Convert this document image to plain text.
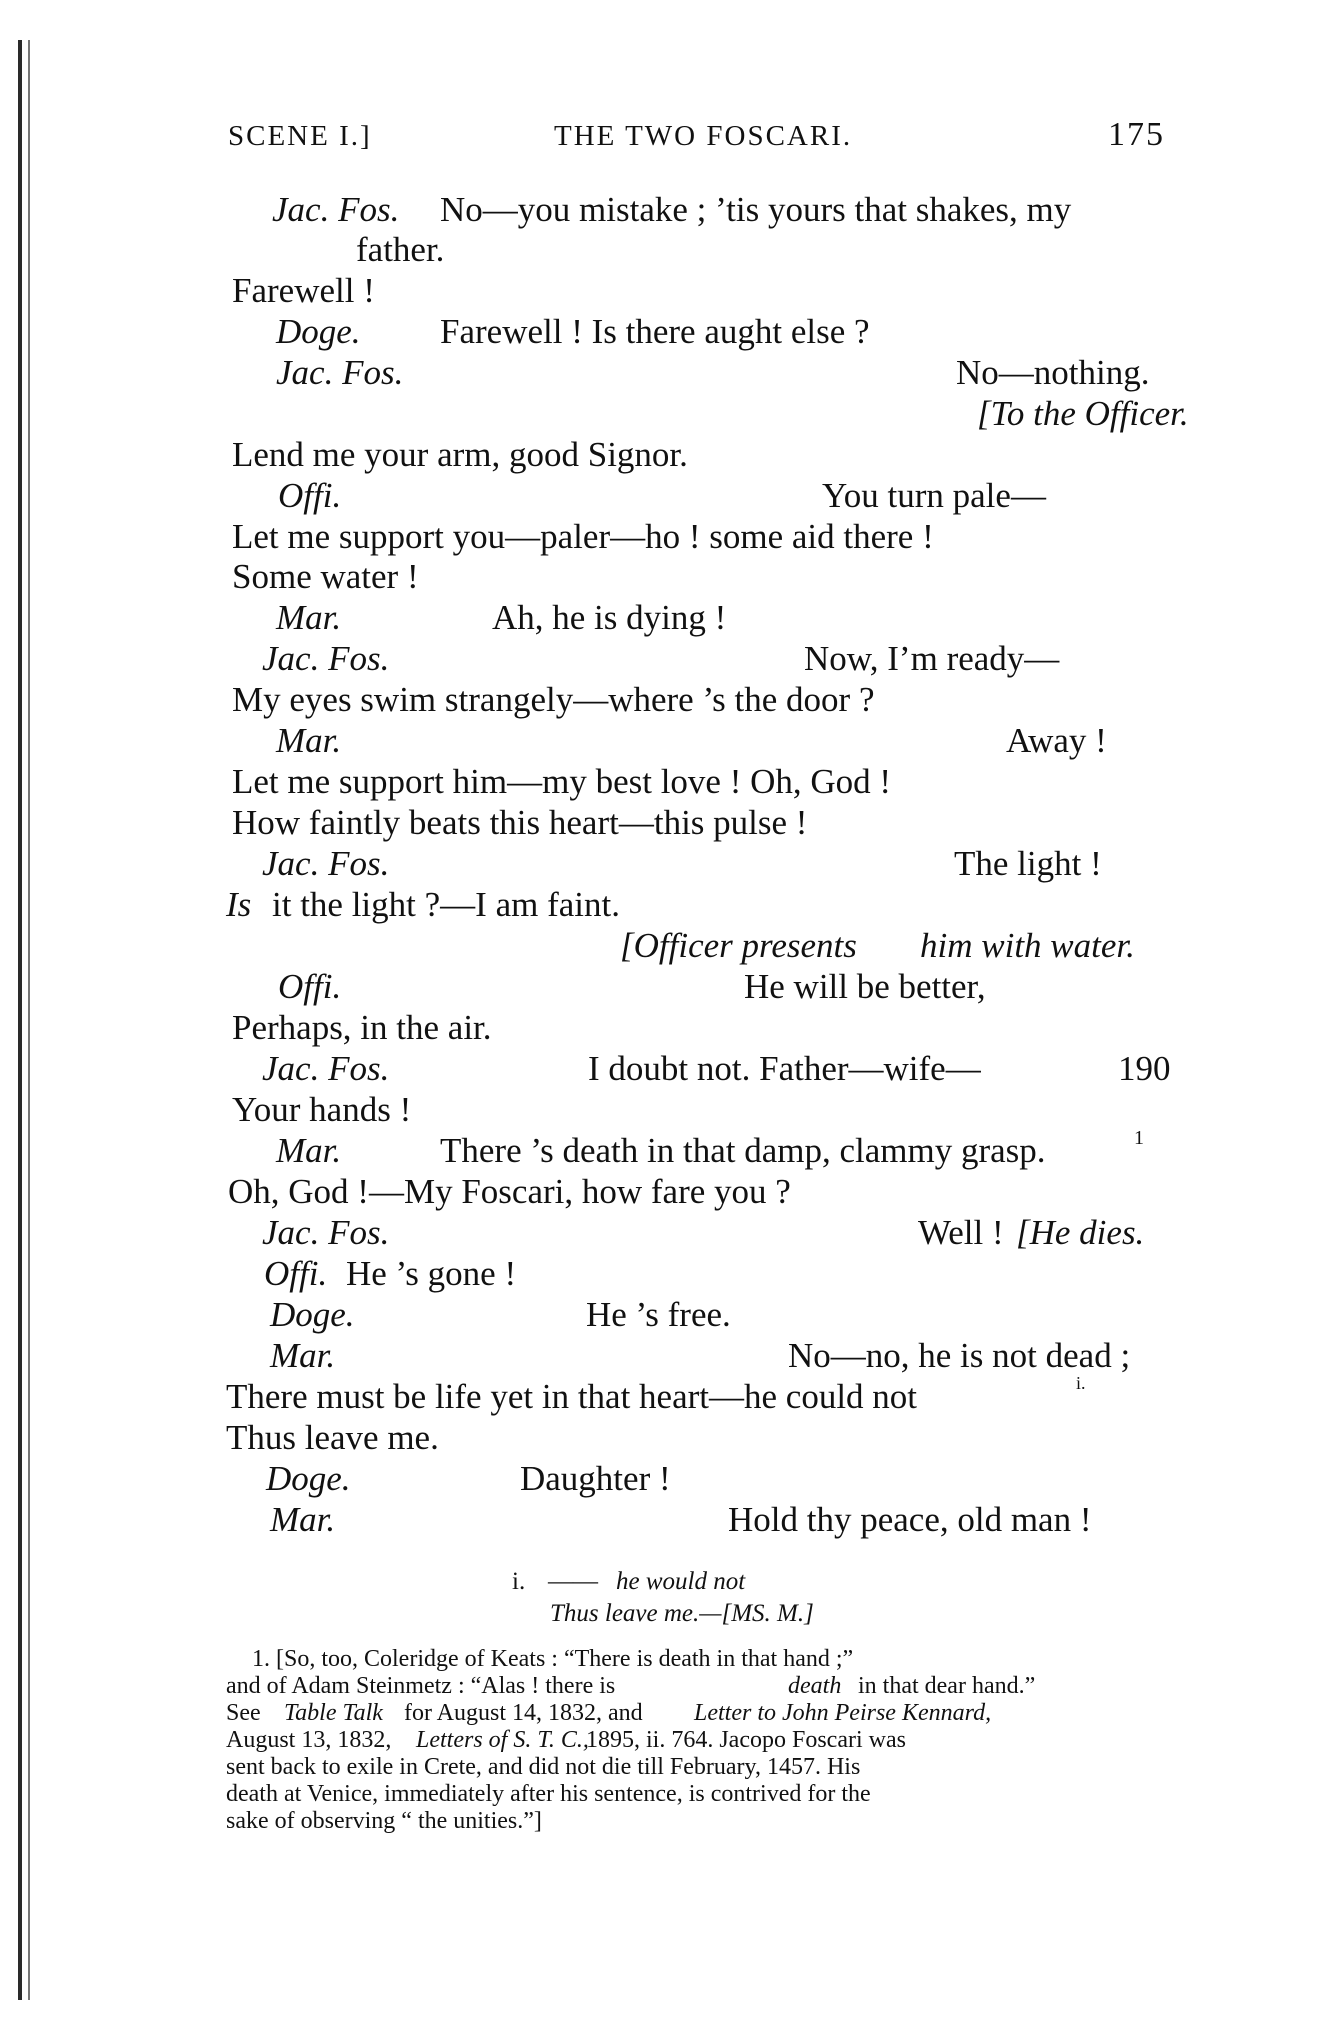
SCENE I.]	THE TWO FOSCARI.	175
Jac. Fos. No—you mistake ; ’tis yours that shakes, my
father.
Farewell !
Doge. Farewell ! Is there aught else ?
Jac. Fos.	No—nothing.
[To the Officer.
Lend me your arm, good Signor.
Offi.	You turn pale—
Let me support you—paler—ho ! some aid there !
Some water !
Mar.	Ah, he is dying !
Jac. Fos.	Now, I’m ready—
My eyes swim strangely—where ’s the door ?
Mar.	Away !
Let me support him—my best love ! Oh, God !
How faintly beats this heart—this pulse !
Jac. Fos.	The light !
Is it the light ?—I am faint.
[Officer presents him with water.
Offi.	He will be better,
Perhaps, in the air.
Jac. Fos.	I doubt not. Father—wife—	190
Your hands !
Mar.	There ’s death in that damp, clammy grasp.	1
Oh, God !—My Foscari, how fare you ?
Jac. Fos.	Well ! [He dies.
Offi. He ’s gone !
Doge.	He ’s free.
Mar.	No—no, he is not dead ;
There must be life yet in that heart—he could not	i.
Thus leave me.
Doge.	Daughter !
Mar.	Hold thy peace, old man !
i. —— he would not
Thus leave me.—[MS. M.]
1. [So, too, Coleridge of Keats : “There is death in that hand ;”
and of Adam Steinmetz : “Alas ! there is	death in that dear hand.”
See Table Talk for August 14, 1832, and Letter to John Peirse Kennard,
August 13, 1832, Letters of S. T. C.,
1895, ii. 764. Jacopo Foscari was
sent back to exile in Crete, and did not die till February, 1457. His
death at Venice, immediately after his sentence, is contrived for the
sake of observing “ the unities.”]
